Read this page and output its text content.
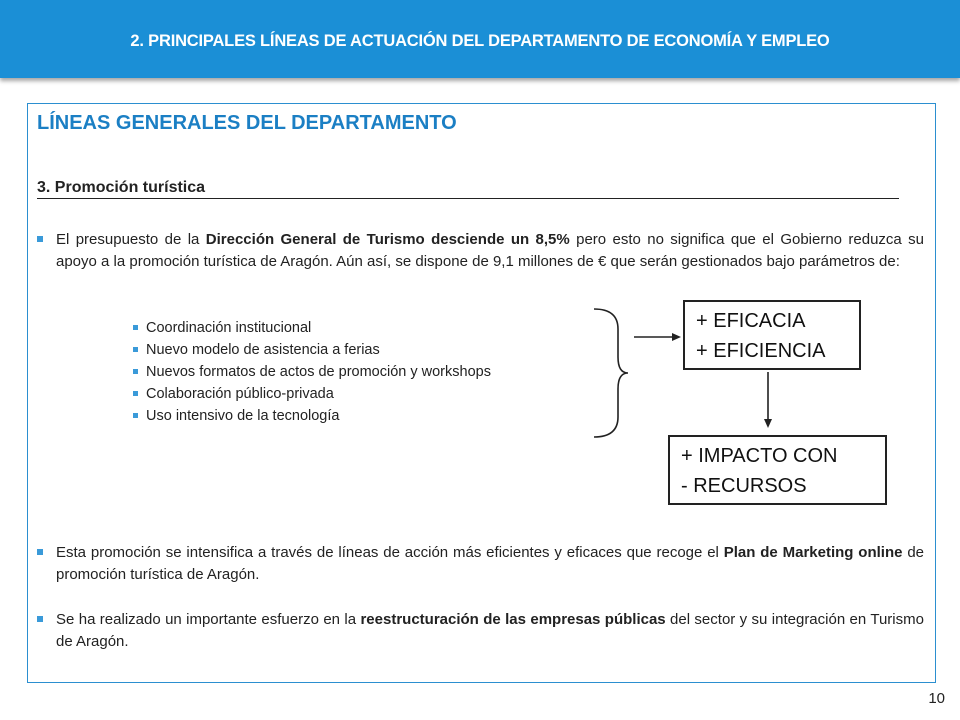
2. PRINCIPALES LÍNEAS DE ACTUACIÓN DEL DEPARTAMENTO DE ECONOMÍA Y EMPLEO
LÍNEAS GENERALES DEL DEPARTAMENTO
3. Promoción turística
El presupuesto de la Dirección General de Turismo desciende un 8,5% pero esto no significa que el Gobierno reduzca su apoyo a la promoción turística de Aragón. Aún así, se dispone de 9,1 millones de € que serán gestionados bajo parámetros de:
Coordinación institucional
Nuevo modelo de asistencia a ferias
Nuevos formatos de actos de promoción y workshops
Colaboración público-privada
Uso intensivo de la tecnología
+ EFICACIA
+ EFICIENCIA
+ IMPACTO CON
- RECURSOS
Esta promoción se intensifica a través de líneas de acción más eficientes y eficaces que recoge el Plan de Marketing online de promoción turística de Aragón.
Se ha realizado un importante esfuerzo en la reestructuración de las empresas públicas del sector y su integración en Turismo de Aragón.
10
